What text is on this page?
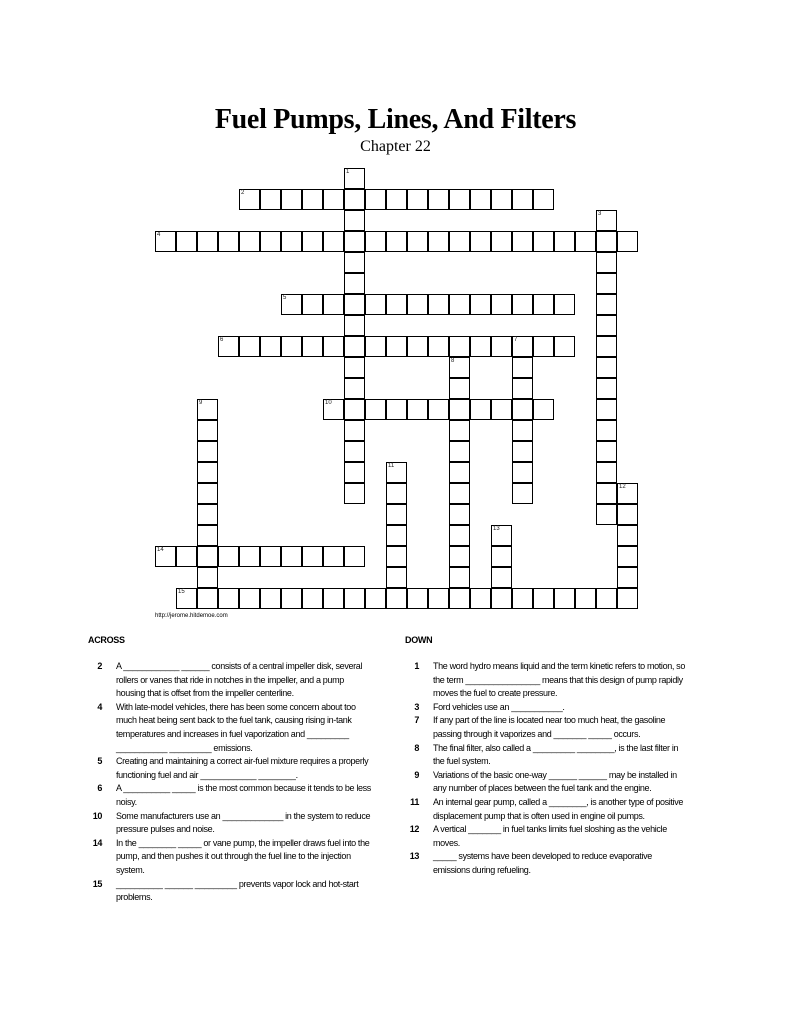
Fuel Pumps, Lines, And Filters
Chapter 22
2
4
5
6	7
10
14
15
1
3
8
9
11
12
13
http://jerome.hitdemoe.com
ACROSS	DOWN
2 A ____________ ______ consists of a central impeller disk, several rollers or vanes that ride in notches in the impeller, and a pump housing that is offset from the impeller centerline.
4 With late-model vehicles, there has been some concern about too much heat being sent back to the fuel tank, causing rising in-tank temperatures and increases in fuel vaporization and _________ ___________ _________ emissions.
5 Creating and maintaining a correct air-fuel mixture requires a properly functioning fuel and air ____________ ________.
6 A __________ _____ is the most common because it tends to be less noisy.
10 Some manufacturers use an _____________ in the system to reduce pressure pulses and noise.
14 In the ________ _____ or vane pump, the impeller draws fuel into the pump, and then pushes it out through the fuel line to the injection system.
15 __________ ______ _________ prevents vapor lock and hot-start problems.
1 The word hydro means liquid and the term kinetic refers to motion, so the term ________________ means that this design of pump rapidly moves the fuel to create pressure.
3 Ford vehicles use an ___________.
7 If any part of the line is located near too much heat, the gasoline passing through it vaporizes and _______ _____ occurs.
8 The final filter, also called a _________ ________, is the last filter in the fuel system.
9 Variations of the basic one-way ______ ______ may be installed in any number of places between the fuel tank and the engine.
11 An internal gear pump, called a ________, is another type of positive displacement pump that is often used in engine oil pumps.
12 A vertical _______ in fuel tanks limits fuel sloshing as the vehicle moves.
13 _____ systems have been developed to reduce evaporative emissions during refueling.
